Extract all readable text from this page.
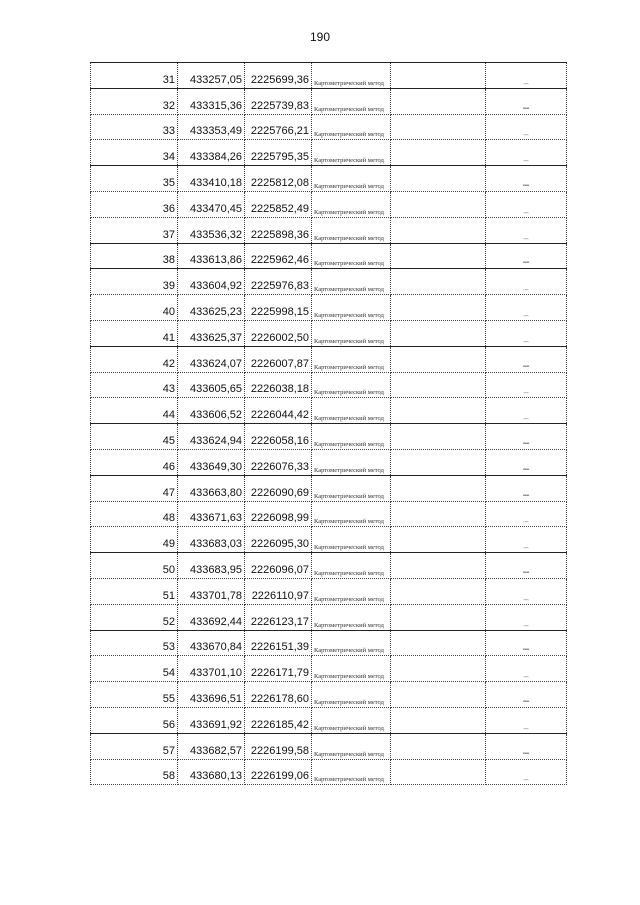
190
31	433257,05	2225699,36	Картометрический метод		–
32	433315,36	2225739,83	Картометрический метод		–
33	433353,49	2225766,21	Картометрический метод		–
34	433384,26	2225795,35	Картометрический метод		–
35	433410,18	2225812,08	Картометрический метод		–
36	433470,45	2225852,49	Картометрический метод		–
37	433536,32	2225898,36	Картометрический метод		–
38	433613,86	2225962,46	Картометрический метод		–
39	433604,92	2225976,83	Картометрический метод		–
40	433625,23	2225998,15	Картометрический метод		–
41	433625,37	2226002,50	Картометрический метод		–
42	433624,07	2226007,87	Картометрический метод		–
43	433605,65	2226038,18	Картометрический метод		–
44	433606,52	2226044,42	Картометрический метод		–
45	433624,94	2226058,16	Картометрический метод		–
46	433649,30	2226076,33	Картометрический метод		–
47	433663,80	2226090,69	Картометрический метод		–
48	433671,63	2226098,99	Картометрический метод		–
49	433683,03	2226095,30	Картометрический метод		–
50	433683,95	2226096,07	Картометрический метод		–
51	433701,78	2226110,97	Картометрический метод		–
52	433692,44	2226123,17	Картометрический метод		–
53	433670,84	2226151,39	Картометрический метод		–
54	433701,10	2226171,79	Картометрический метод		–
55	433696,51	2226178,60	Картометрический метод		–
56	433691,92	2226185,42	Картометрический метод		–
57	433682,57	2226199,58	Картометрический метод		–
58	433680,13	2226199,06	Картометрический метод		–
